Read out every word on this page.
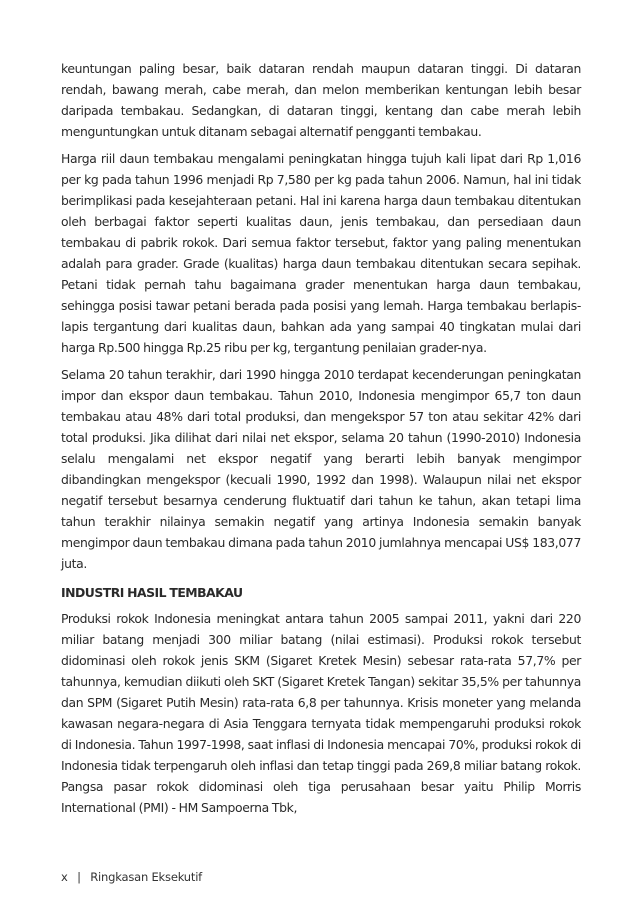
keuntungan paling besar, baik dataran rendah maupun dataran tinggi. Di dataran rendah, bawang merah, cabe merah, dan melon memberikan kentungan lebih besar daripada tembakau. Sedangkan, di dataran tinggi, kentang dan cabe merah lebih menguntungkan untuk ditanam sebagai alternatif pengganti tembakau.

Harga riil daun tembakau mengalami peningkatan hingga tujuh kali lipat dari Rp 1,016 per kg pada tahun 1996 menjadi Rp 7,580 per kg pada tahun 2006. Namun, hal ini tidak berimplikasi pada kesejahteraan petani. Hal ini karena harga daun tembakau ditentukan oleh berbagai faktor seperti kualitas daun, jenis tembakau, dan persediaan daun tembakau di pabrik rokok. Dari semua faktor tersebut, faktor yang paling menentukan adalah para grader. Grade (kualitas) harga daun tembakau ditentukan secara sepihak. Petani tidak pernah tahu bagaimana grader menentukan harga daun tembakau, sehingga posisi tawar petani berada pada posisi yang lemah. Harga tembakau berlapis-lapis tergantung dari kualitas daun, bahkan ada yang sampai 40 tingkatan mulai dari harga Rp.500 hingga Rp.25 ribu per kg, tergantung penilaian grader-nya.

Selama 20 tahun terakhir, dari 1990 hingga 2010 terdapat kecenderungan peningkatan impor dan ekspor daun tembakau. Tahun 2010, Indonesia mengimpor 65,7 ton daun tembakau atau 48% dari total produksi, dan mengekspor 57 ton atau sekitar 42% dari total produksi. Jika dilihat dari nilai net ekspor, selama 20 tahun (1990-2010) Indonesia selalu mengalami net ekspor negatif yang berarti lebih banyak mengimpor dibandingkan mengekspor (kecuali 1990, 1992 dan 1998). Walaupun nilai net ekspor negatif tersebut besarnya cenderung fluktuatif dari tahun ke tahun, akan tetapi lima tahun terakhir nilainya semakin negatif yang artinya Indonesia semakin banyak mengimpor daun tembakau dimana pada tahun 2010 jumlahnya mencapai US$ 183,077 juta.

INDUSTRI HASIL TEMBAKAU

Produksi rokok Indonesia meningkat antara tahun 2005 sampai 2011, yakni dari 220 miliar batang menjadi 300 miliar batang (nilai estimasi). Produksi rokok tersebut didominasi oleh rokok jenis SKM (Sigaret Kretek Mesin) sebesar rata-rata 57,7% per tahunnya, kemudian diikuti oleh SKT (Sigaret Kretek Tangan) sekitar 35,5% per tahunnya dan SPM (Sigaret Putih Mesin) rata-rata 6,8 per tahunnya. Krisis moneter yang melanda kawasan negara-negara di Asia Tenggara ternyata tidak mempengaruhi produksi rokok di Indonesia. Tahun 1997-1998, saat inflasi di Indonesia mencapai 70%, produksi rokok di Indonesia tidak terpengaruh oleh inflasi dan tetap tinggi pada 269,8 miliar batang rokok. Pangsa pasar rokok didominasi oleh tiga perusahaan besar yaitu Philip Morris International (PMI) - HM Sampoerna Tbk,

x | Ringkasan Eksekutif
